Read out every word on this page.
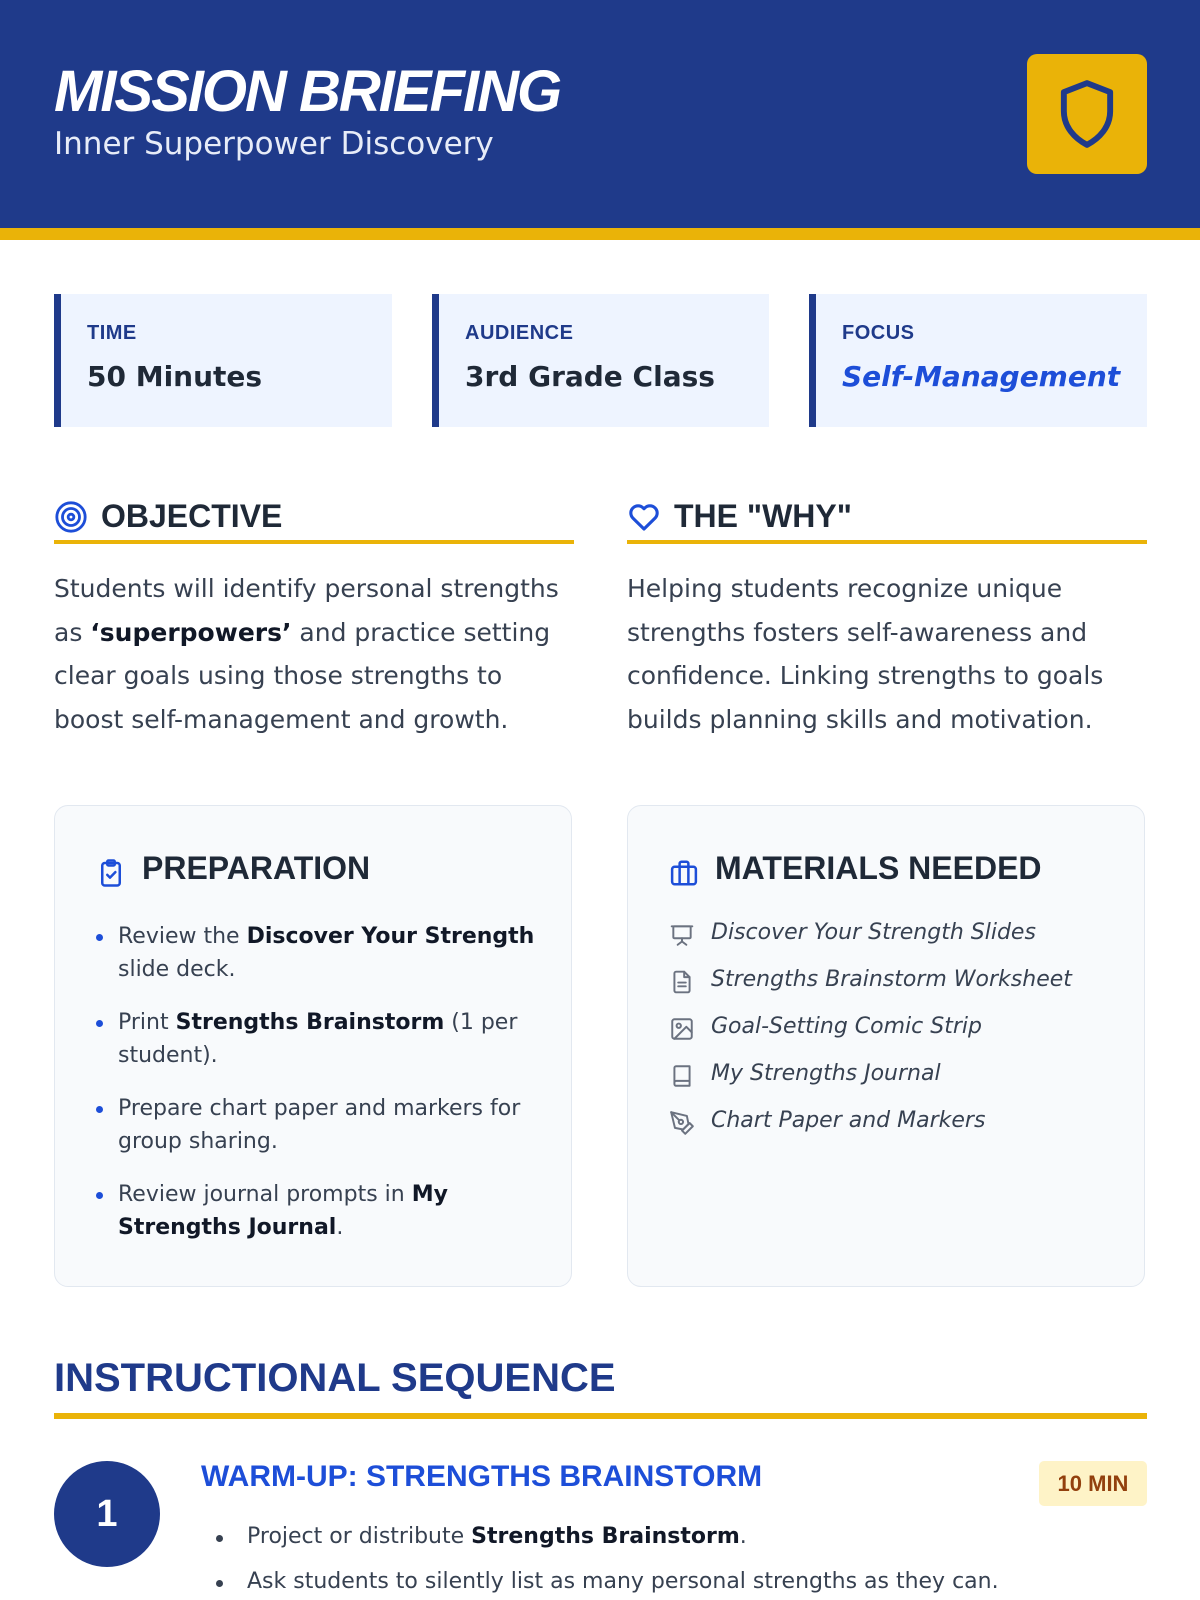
MISSION BRIEFING
Inner Superpower Discovery
TIME
50 Minutes
AUDIENCE
3rd Grade Class
FOCUS
Self-Management
OBJECTIVE
Students will identify personal strengths as ‘superpowers’ and practice setting clear goals using those strengths to boost self-management and growth.
THE "WHY"
Helping students recognize unique strengths fosters self-awareness and confidence. Linking strengths to goals builds planning skills and motivation.
PREPARATION
Review the Discover Your Strength slide deck.
Print Strengths Brainstorm (1 per student).
Prepare chart paper and markers for group sharing.
Review journal prompts in My Strengths Journal.
MATERIALS NEEDED
Discover Your Strength Slides
Strengths Brainstorm Worksheet
Goal-Setting Comic Strip
My Strengths Journal
Chart Paper and Markers
INSTRUCTIONAL SEQUENCE
1
WARM-UP: STRENGTHS BRAINSTORM	10 MIN
Project or distribute Strengths Brainstorm.
Ask students to silently list as many personal strengths as they can.
